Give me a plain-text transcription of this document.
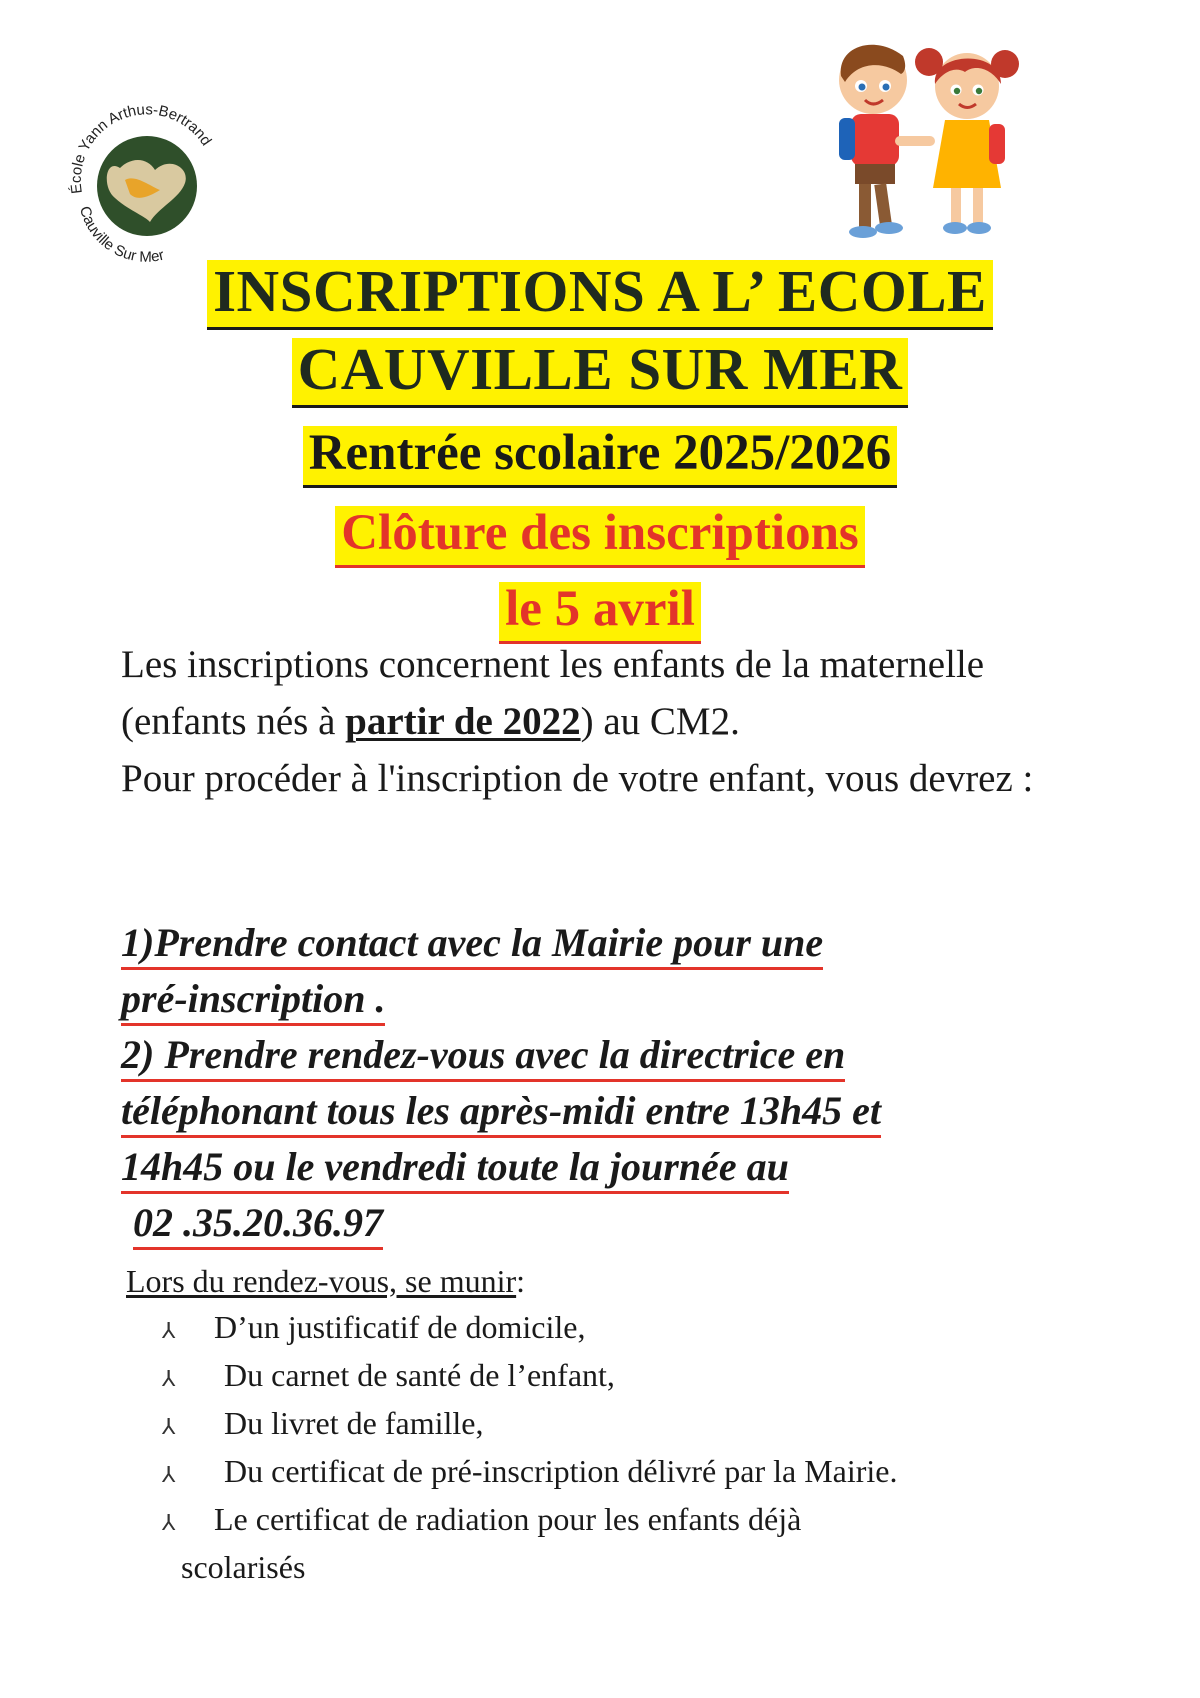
École Yann Arthus-Bertrand
Cauville Sur Mer
INSCRIPTIONS A L’ ECOLE
CAUVILLE SUR MER
Rentrée scolaire 2025/2026
Clôture des inscriptions
le 5 avril

Les inscriptions concernent les enfants de la maternelle (enfants nés à partir de 2022) au CM2.

Pour procéder à l'inscription de votre enfant, vous devrez :

1)Prendre contact avec la Mairie pour une

pré-inscription .

2) Prendre rendez-vous avec la directrice en

téléphonant tous les après-midi entre 13h45 et

14h45 ou le vendredi toute la journée au

02 .35.20.36.97

Lors du rendez-vous, se munir:

⅄	D’un justificatif de domicile,

⅄	Du carnet de santé de l’enfant,

⅄	Du livret de famille,

⅄	Du certificat de pré-inscription délivré par la Mairie.

⅄	Le certificat de radiation pour les enfants déjà

scolarisés
